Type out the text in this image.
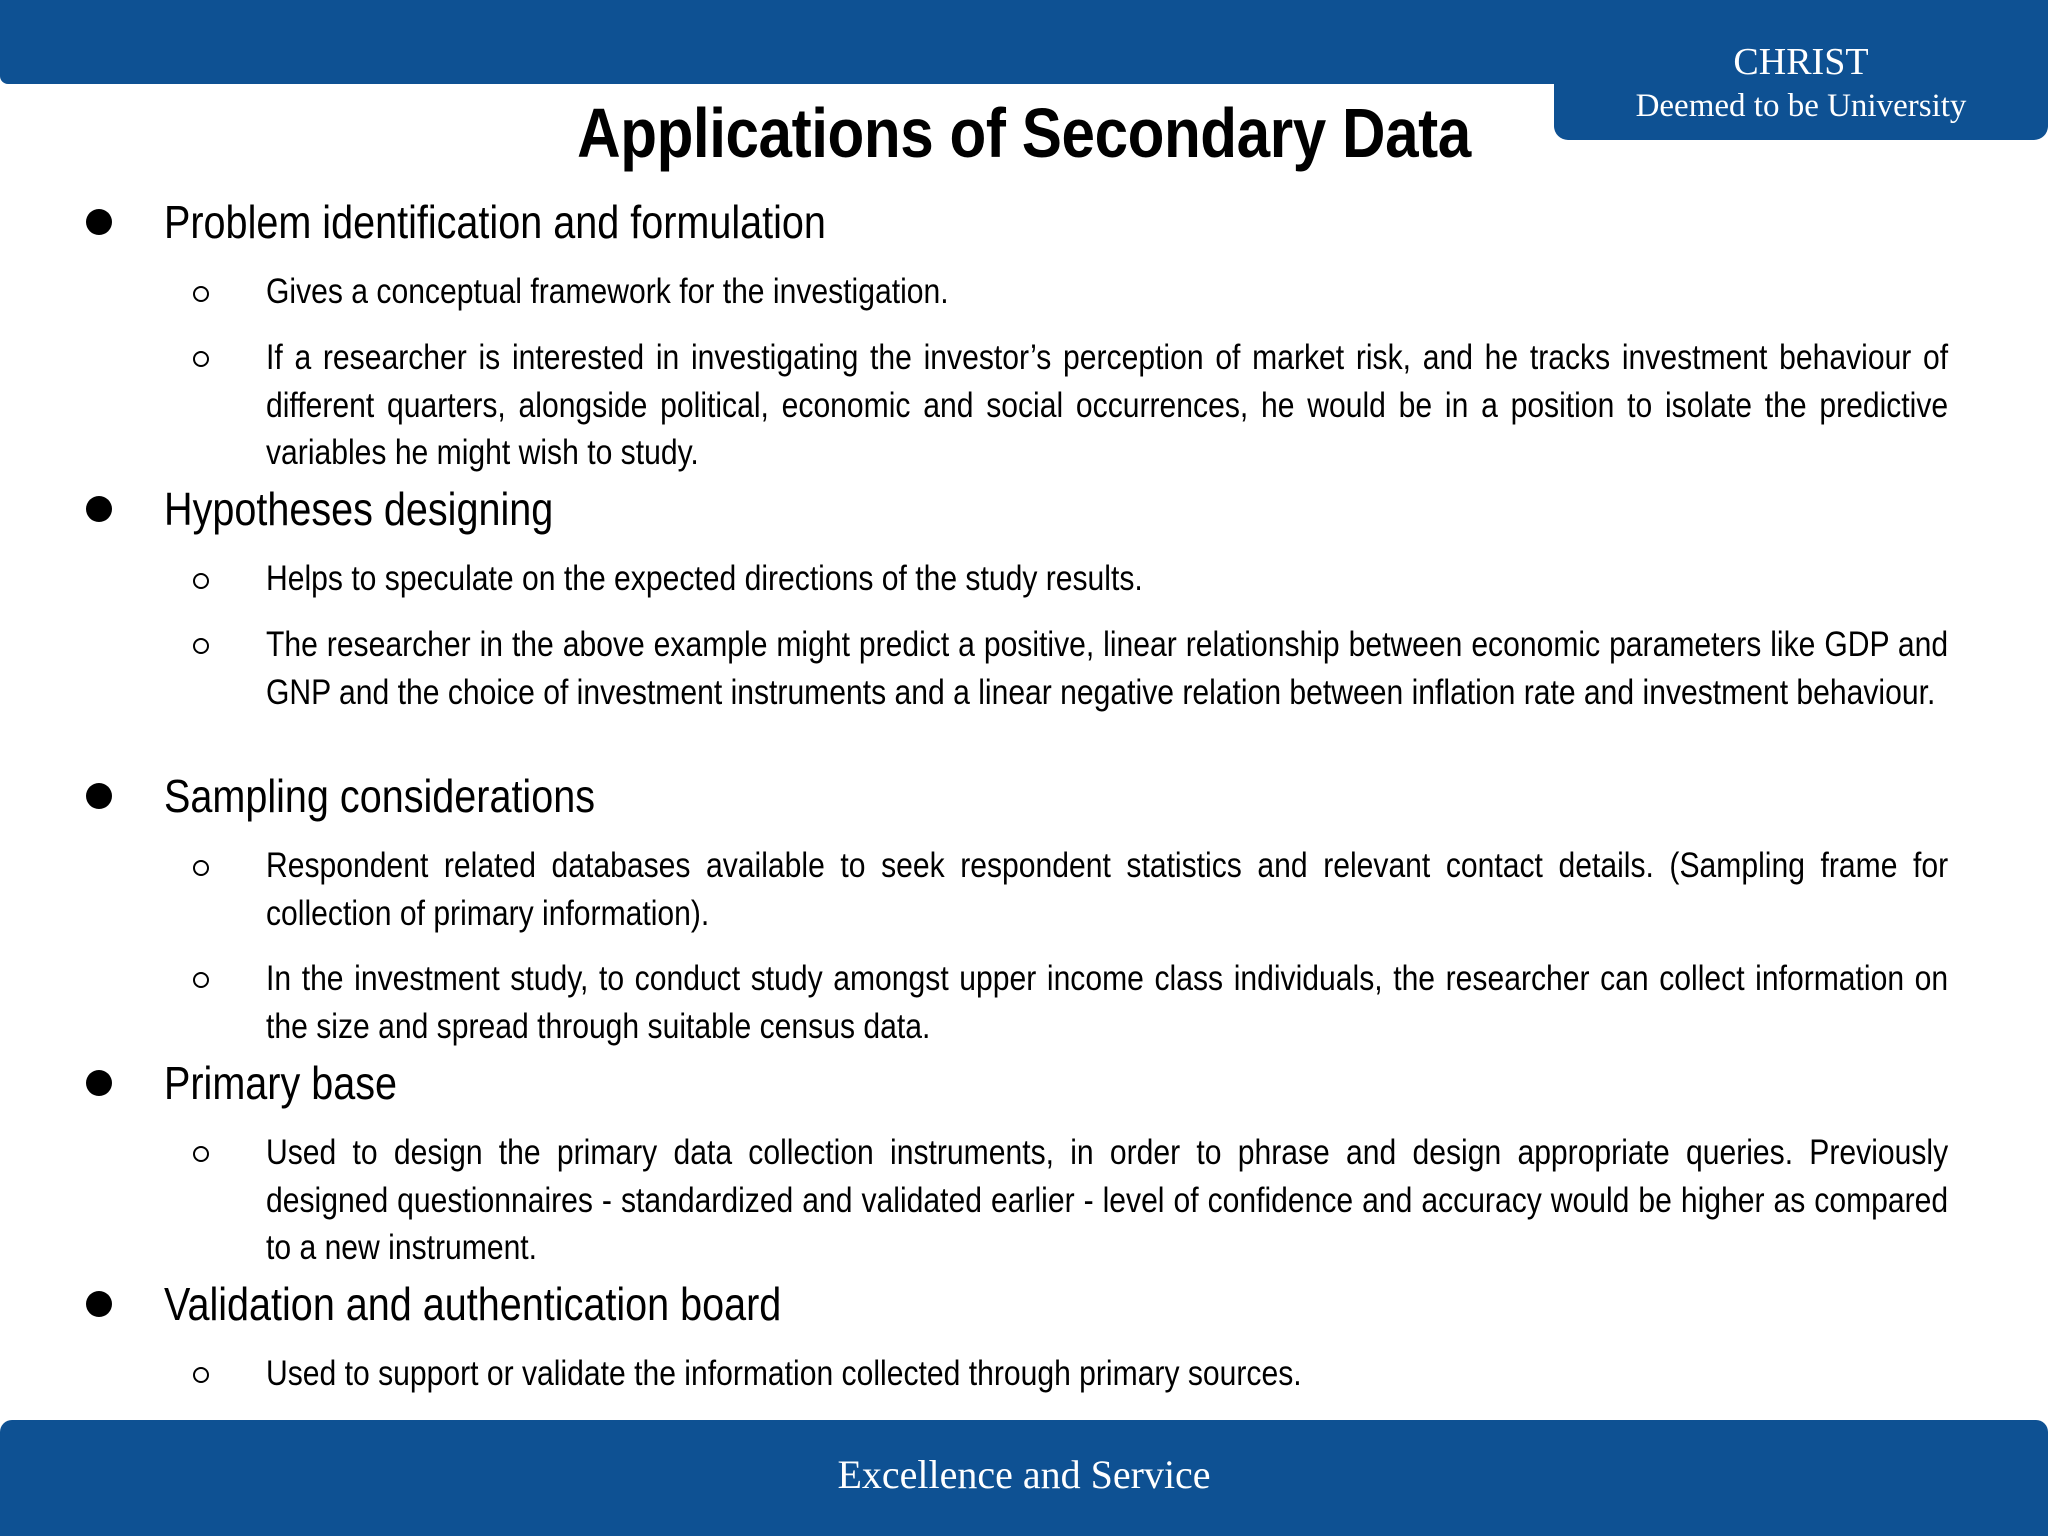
CHRIST
Deemed to be University
Applications of Secondary Data
Problem identification and formulation
Gives a conceptual framework for the investigation.
If a researcher is interested in investigating the investor’s perception of market risk, and he tracks investment behaviour of different quarters, alongside political, economic and social occurrences, he would be in a position to isolate the predictive variables he might wish to study.
Hypotheses designing
Helps to speculate on the expected directions of the study results.
The researcher in the above example might predict a positive, linear relationship between economic parameters like GDP and GNP and the choice of investment instruments and a linear negative relation between inflation rate and investment behaviour.
Sampling considerations
Respondent related databases available to seek respondent statistics and relevant contact details. (Sampling frame for collection of primary information).
In the investment study, to conduct study amongst upper income class individuals, the researcher can collect information on the size and spread through suitable census data.
Primary base
Used to design the primary data collection instruments, in order to phrase and design appropriate queries. Previously designed questionnaires - standardized and validated earlier - level of confidence and accuracy would be higher as compared to a new instrument.
Validation and authentication board
Used to support or validate the information collected through primary sources.
Excellence and Service
